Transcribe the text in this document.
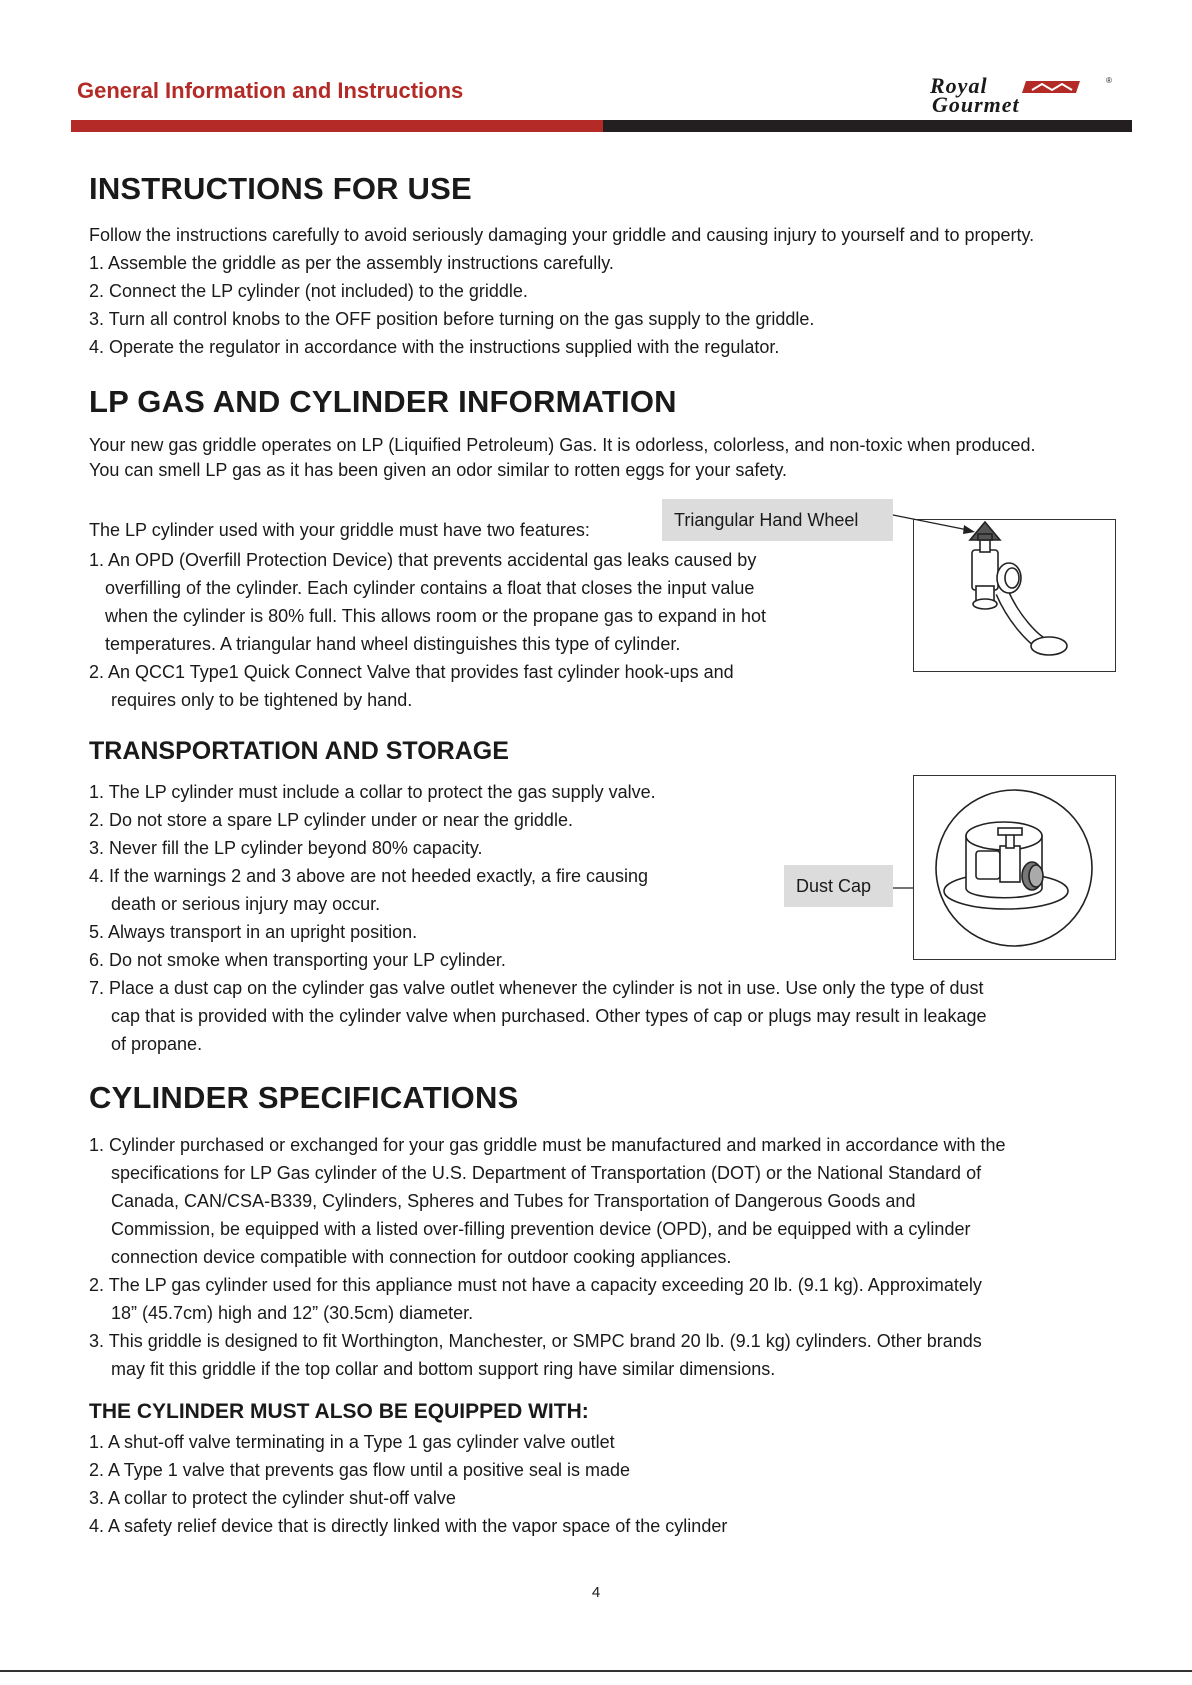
General Information and Instructions	Royal
Gourmet
®
INSTRUCTIONS FOR USE
Follow the instructions carefully to avoid seriously damaging your griddle and causing injury to yourself and to property.
1. Assemble the griddle as per the assembly instructions carefully.
2. Connect the LP cylinder (not included) to the griddle.
3. Turn all control knobs to the OFF position before turning on the gas supply to the griddle.
4. Operate the regulator in accordance with the instructions supplied with the regulator.
LP GAS AND CYLINDER INFORMATION
Your new gas griddle operates on LP (Liquified Petroleum) Gas. It is odorless, colorless, and non-toxic when produced.
You can smell LP gas as it has been given an odor similar to rotten eggs for your safety.
The LP cylinder used with your griddle must have two features:
1. An OPD (Overfill Protection Device) that prevents accidental gas leaks caused by
overfilling of the cylinder. Each cylinder contains a float that closes the input value
when the cylinder is 80% full. This allows room or the propane gas to expand in hot
temperatures. A triangular hand wheel distinguishes this type of cylinder.
2. An QCC1 Type1 Quick Connect Valve that provides fast cylinder hook-ups and
requires only to be tightened by hand.
Triangular Hand Wheel
TRANSPORTATION AND STORAGE
1. The LP cylinder must include a collar to protect the gas supply valve.
2. Do not store a spare LP cylinder under or near the griddle.
3. Never fill the LP cylinder beyond 80% capacity.
4. If the warnings 2 and 3 above are not heeded exactly, a fire causing
death or serious injury may occur.
5. Always transport in an upright position.
6. Do not smoke when transporting your LP cylinder.
7. Place a dust cap on the cylinder gas valve outlet whenever the cylinder is not in use. Use only the type of dust
cap that is provided with the cylinder valve when purchased. Other types of cap or plugs may result in leakage
of propane.
Dust Cap
CYLINDER SPECIFICATIONS
1. Cylinder purchased or exchanged for your gas griddle must be manufactured and marked in accordance with the
specifications for LP Gas cylinder of the U.S. Department of Transportation (DOT) or the National Standard of
Canada, CAN/CSA-B339, Cylinders, Spheres and Tubes for Transportation of Dangerous Goods and
Commission, be equipped with a listed over-filling prevention device (OPD), and be equipped with a cylinder
connection device compatible with connection for outdoor cooking appliances.
2. The LP gas cylinder used for this appliance must not have a capacity exceeding 20 lb. (9.1 kg). Approximately
18” (45.7cm) high and 12” (30.5cm) diameter.
3. This griddle is designed to fit Worthington, Manchester, or SMPC brand 20 lb. (9.1 kg) cylinders. Other brands
may fit this griddle if the top collar and bottom support ring have similar dimensions.
THE CYLINDER MUST ALSO BE EQUIPPED WITH:
1. A shut-off valve terminating in a Type 1 gas cylinder valve outlet
2. A Type 1 valve that prevents gas flow until a positive seal is made
3. A collar to protect the cylinder shut-off valve
4. A safety relief device that is directly linked with the vapor space of the cylinder
4
